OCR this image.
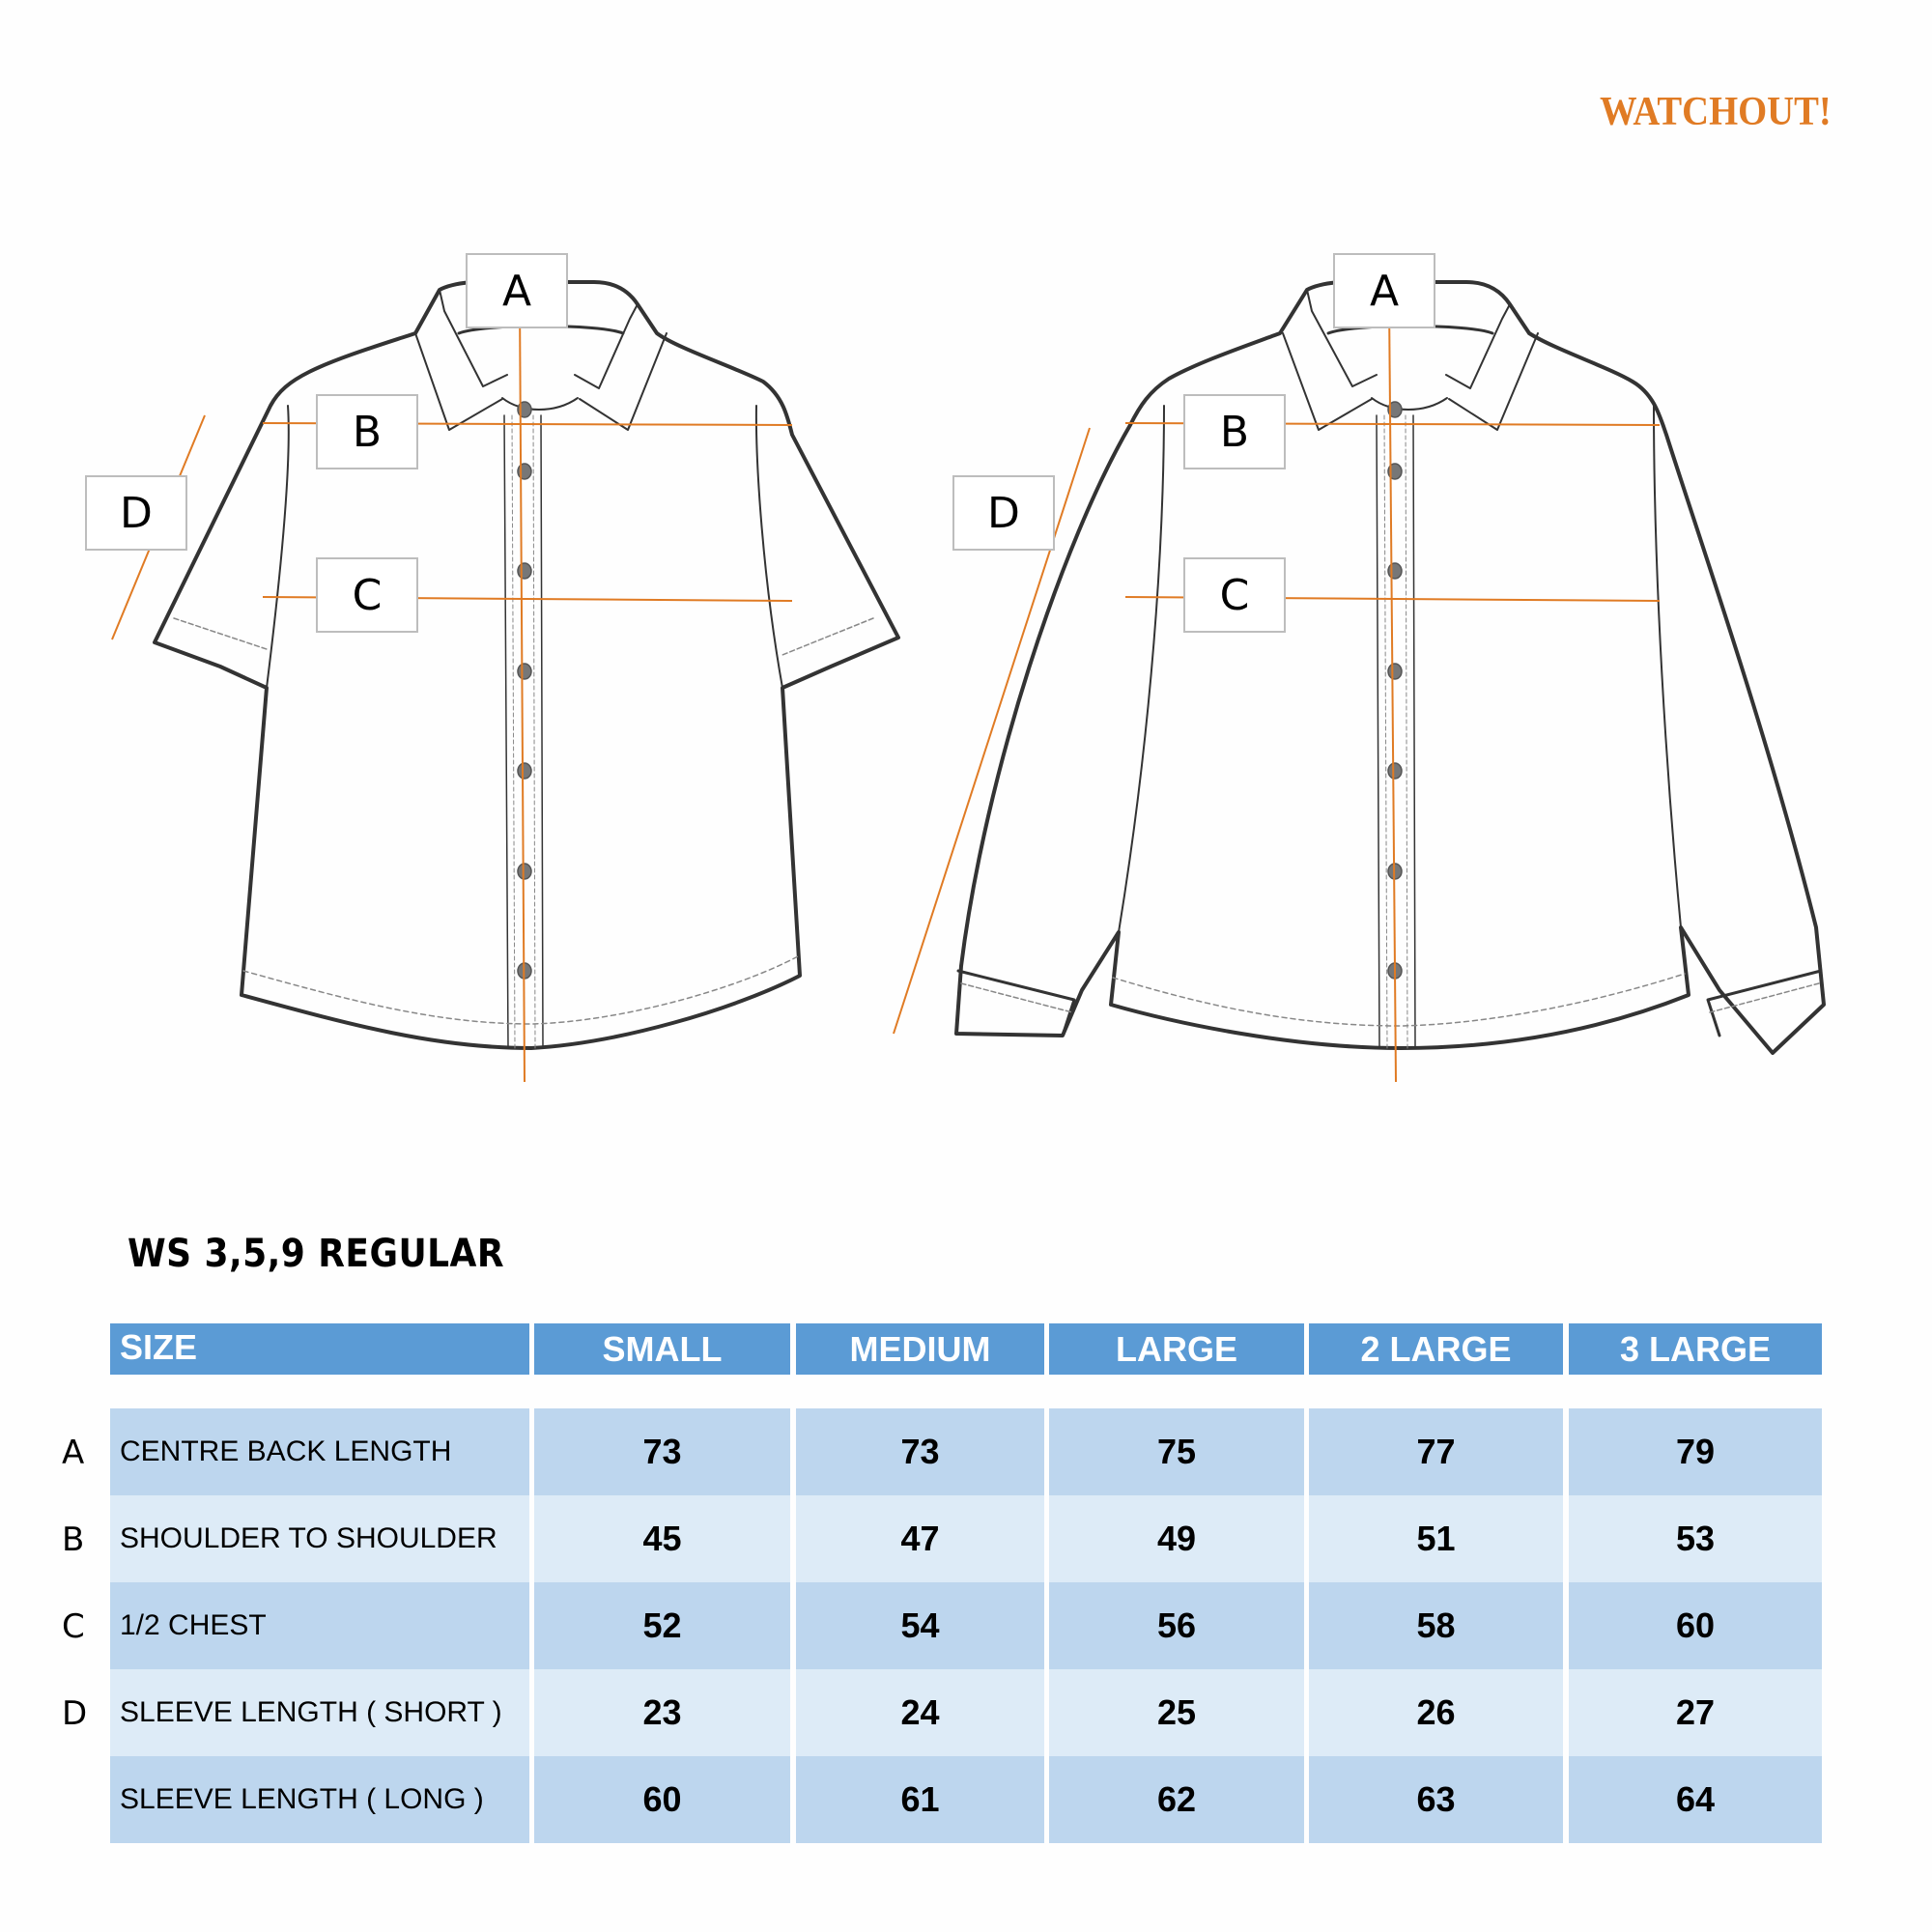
WATCHOUT!
A
B
C
D
A
B
C
D
WS 3,5,9 REGULAR
SIZE	SMALL	MEDIUM	LARGE	2 LARGE	3 LARGE
CENTRE BACK LENGTH	73	73	75	77	79
SHOULDER TO SHOULDER	45	47	49	51	53
1/2 CHEST	52	54	56	58	60
SLEEVE LENGTH ( SHORT )	23	24	25	26	27
SLEEVE LENGTH ( LONG )	60	61	62	63	64
A
B
C
D
